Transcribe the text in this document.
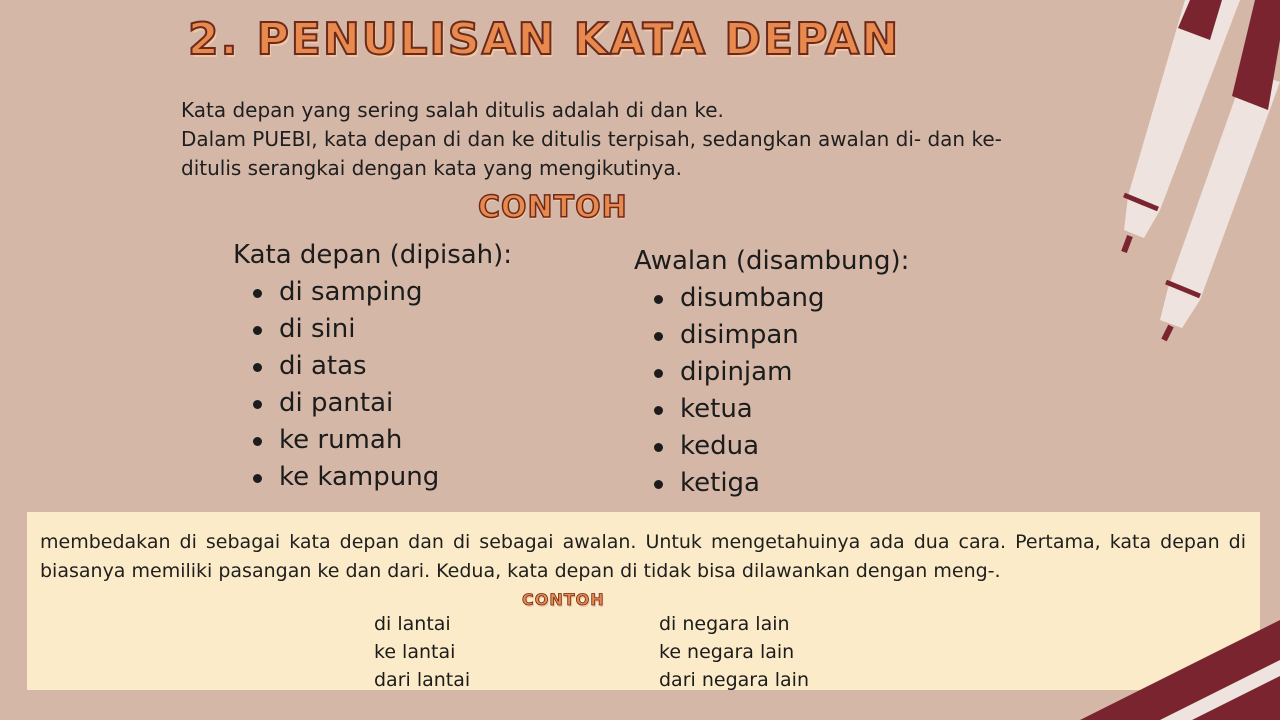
2. PENULISAN KATA DEPAN
Kata depan yang sering salah ditulis adalah di dan ke.
Dalam PUEBI, kata depan di dan ke ditulis terpisah, sedangkan awalan di- dan ke-
ditulis serangkai dengan kata yang mengikutinya.
CONTOH
Kata depan (dipisah):
di samping
di sini
di atas
di pantai
ke rumah
ke kampung
Awalan (disambung):
disumbang
disimpan
dipinjam
ketua
kedua
ketiga
membedakan di sebagai kata depan dan di sebagai awalan. Untuk mengetahuinya ada dua cara. Pertama, kata depan di biasanya memiliki pasangan ke dan dari. Kedua, kata depan di tidak bisa dilawankan dengan meng-.
CONTOH
di lantai
ke lantai
dari lantai
di negara lain
ke negara lain
dari negara lain
